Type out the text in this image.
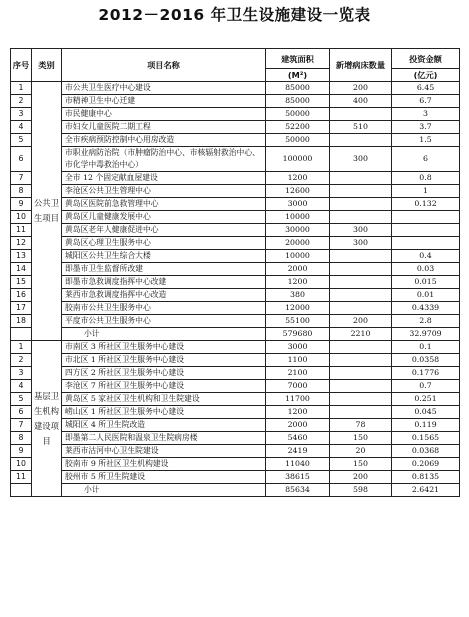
2012－2016 年卫生设施建设一览表
序号	类别	项目名称	建筑面积	新增病床数量	投资金额
			(M²)		(亿元)
1	公共卫生项目	市公共卫生医疗中心建设	85000	200	6.45
2		市精神卫生中心迁建	85000	400	6.7
3		市民健康中心	50000		3
4		市妇女儿童医院二期工程	52200	510	3.7
5		全市疾病预防控制中心用房改造	50000		1.5
6		市职业病防治院（市肿瘤防治中心、市核辐射救治中心、市化学中毒救治中心）	100000	300	6
7		全市 12 个固定献血屋建设	1200		0.8
8		李沧区公共卫生管理中心	12600		1
9		黄岛区医院前急救管理中心	3000		0.132
10		黄岛区儿童健康发展中心	10000		
11		黄岛区老年人健康促进中心	30000	300	
12		黄岛区心理卫生服务中心	20000	300	
13		城阳区公共卫生综合大楼	10000		0.4
14		即墨市卫生监督所改建	2000		0.03
15		即墨市急救调度指挥中心改建	1200		0.015
16		莱西市急救调度指挥中心改造	380		0.01
17		胶南市公共卫生服务中心	12000		0.4339
18		平度市公共卫生服务中心	55100	200	2.8
		小计	579680	2210	32.9709
1	基层卫生机构建设项目	市南区 3 所社区卫生服务中心建设	3000		0.1
2		市北区 1 所社区卫生服务中心建设	1100		0.0358
3		四方区 2 所社区卫生服务中心建设	2100		0.1776
4		李沧区 7 所社区卫生服务中心建设	7000		0.7
5		黄岛区 5 家社区卫生机构和卫生院建设	11700		0.251
6		崂山区 1 所社区卫生服务中心建设	1200		0.045
7		城阳区 4 所卫生院改造	2000	78	0.119
8		即墨第二人民医院和温泉卫生院病房楼	5460	150	0.1565
9		莱西市沽河中心卫生院建设	2419	20	0.0368
10		胶南市 9 所社区卫生机构建设	11040	150	0.2069
11		胶州市 5 所卫生院建设	38615	200	0.8135
		小计	85634	598	2.6421
